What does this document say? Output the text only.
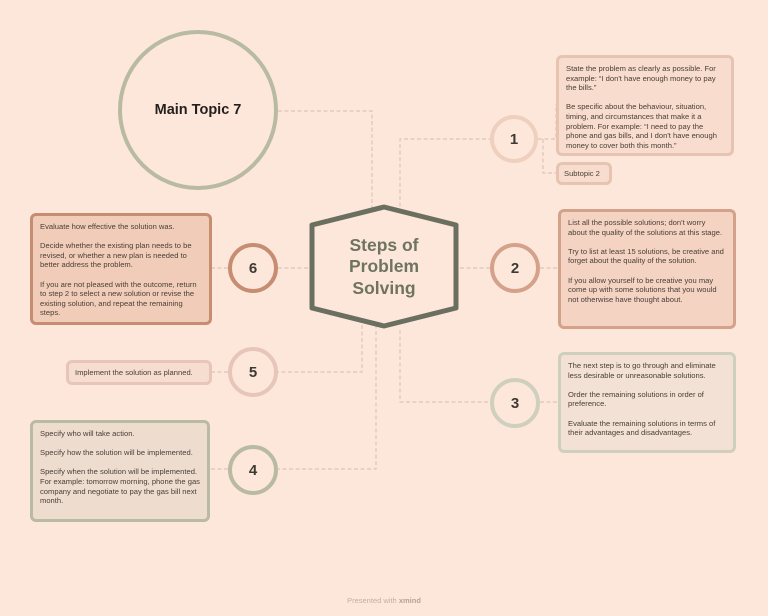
Main Topic 7
Steps of Problem Solving
1

State the problem as clearly as possible. For example: “I don't have enough money to pay the bills.”

Be specific about the behaviour, situation, timing, and circumstances that make it a problem. For example: “I need to pay the phone and gas bills, and I don't have enough money to cover both this month.”

Subtopic 2
2

List all the possible solutions; don't worry about the quality of the solutions at this stage.

Try to list at least 15 solutions, be creative and forget about the quality of the solution.

If you allow yourself to be creative you may come up with some solutions that you would not otherwise have thought about.

3

The next step is to go through and eliminate less desirable or unreasonable solutions.

Order the remaining solutions in order of preference.

Evaluate the remaining solutions in terms of their advantages and disadvantages.

4

Specify who will take action.

Specify how the solution will be implemented.

Specify when the solution will be implemented. For example: tomorrow morning, phone the gas company and negotiate to pay the gas bill next month.

5
Implement the solution as planned.
6

Evaluate how effective the solution was.

Decide whether the existing plan needs to be revised, or whether a new plan is needed to better address the problem.

If you are not pleased with the outcome, return to step 2 to select a new solution or revise the existing solution, and repeat the remaining steps.

Presented with xmind
